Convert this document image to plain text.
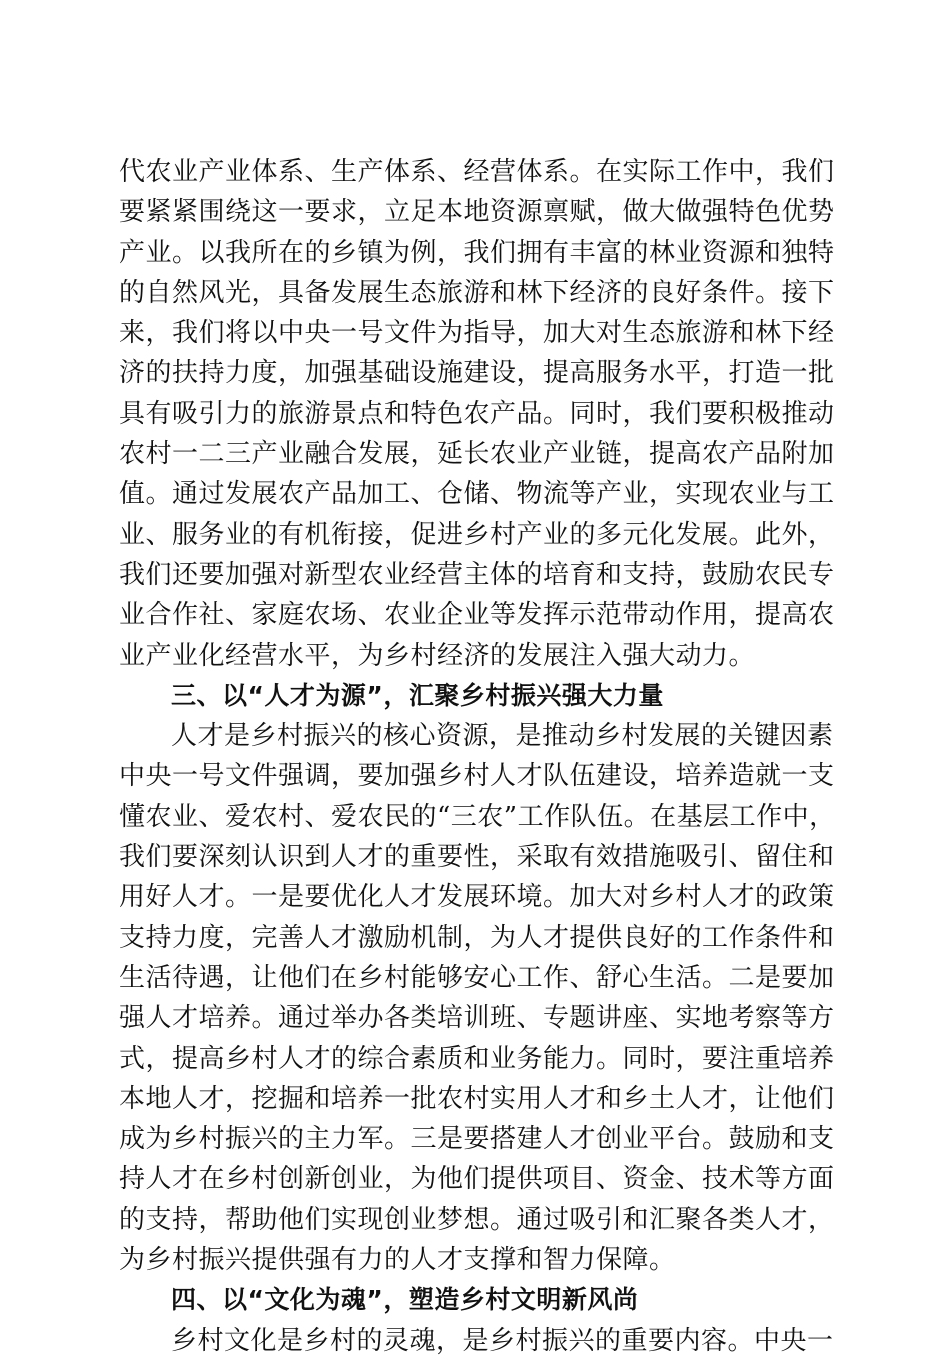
代农业产业体系、生产体系、经营体系。在实际工作中，我们
要紧紧围绕这一要求，立足本地资源禀赋，做大做强特色优势
产业。以我所在的乡镇为例，我们拥有丰富的林业资源和独特
的自然风光，具备发展生态旅游和林下经济的良好条件。接下
来，我们将以中央一号文件为指导，加大对生态旅游和林下经
济的扶持力度，加强基础设施建设，提高服务水平，打造一批
具有吸引力的旅游景点和特色农产品。同时，我们要积极推动
农村一二三产业融合发展，延长农业产业链，提高农产品附加
值。通过发展农产品加工、仓储、物流等产业，实现农业与工
业、服务业的有机衔接，促进乡村产业的多元化发展。此外，
我们还要加强对新型农业经营主体的培育和支持，鼓励农民专
业合作社、家庭农场、农业企业等发挥示范带动作用，提高农
业产业化经营水平，为乡村经济的发展注入强大动力。
三、以“人才为源”，汇聚乡村振兴强大力量
人才是乡村振兴的核心资源，是推动乡村发展的关键因素
中央一号文件强调，要加强乡村人才队伍建设，培养造就一支
懂农业、爱农村、爱农民的“三农”工作队伍。在基层工作中，
我们要深刻认识到人才的重要性，采取有效措施吸引、留住和
用好人才。一是要优化人才发展环境。加大对乡村人才的政策
支持力度，完善人才激励机制，为人才提供良好的工作条件和
生活待遇，让他们在乡村能够安心工作、舒心生活。二是要加
强人才培养。通过举办各类培训班、专题讲座、实地考察等方
式，提高乡村人才的综合素质和业务能力。同时，要注重培养
本地人才，挖掘和培养一批农村实用人才和乡土人才，让他们
成为乡村振兴的主力军。三是要搭建人才创业平台。鼓励和支
持人才在乡村创新创业，为他们提供项目、资金、技术等方面
的支持，帮助他们实现创业梦想。通过吸引和汇聚各类人才，
为乡村振兴提供强有力的人才支撑和智力保障。
四、以“文化为魂”，塑造乡村文明新风尚
乡村文化是乡村的灵魂，是乡村振兴的重要内容。中央一
